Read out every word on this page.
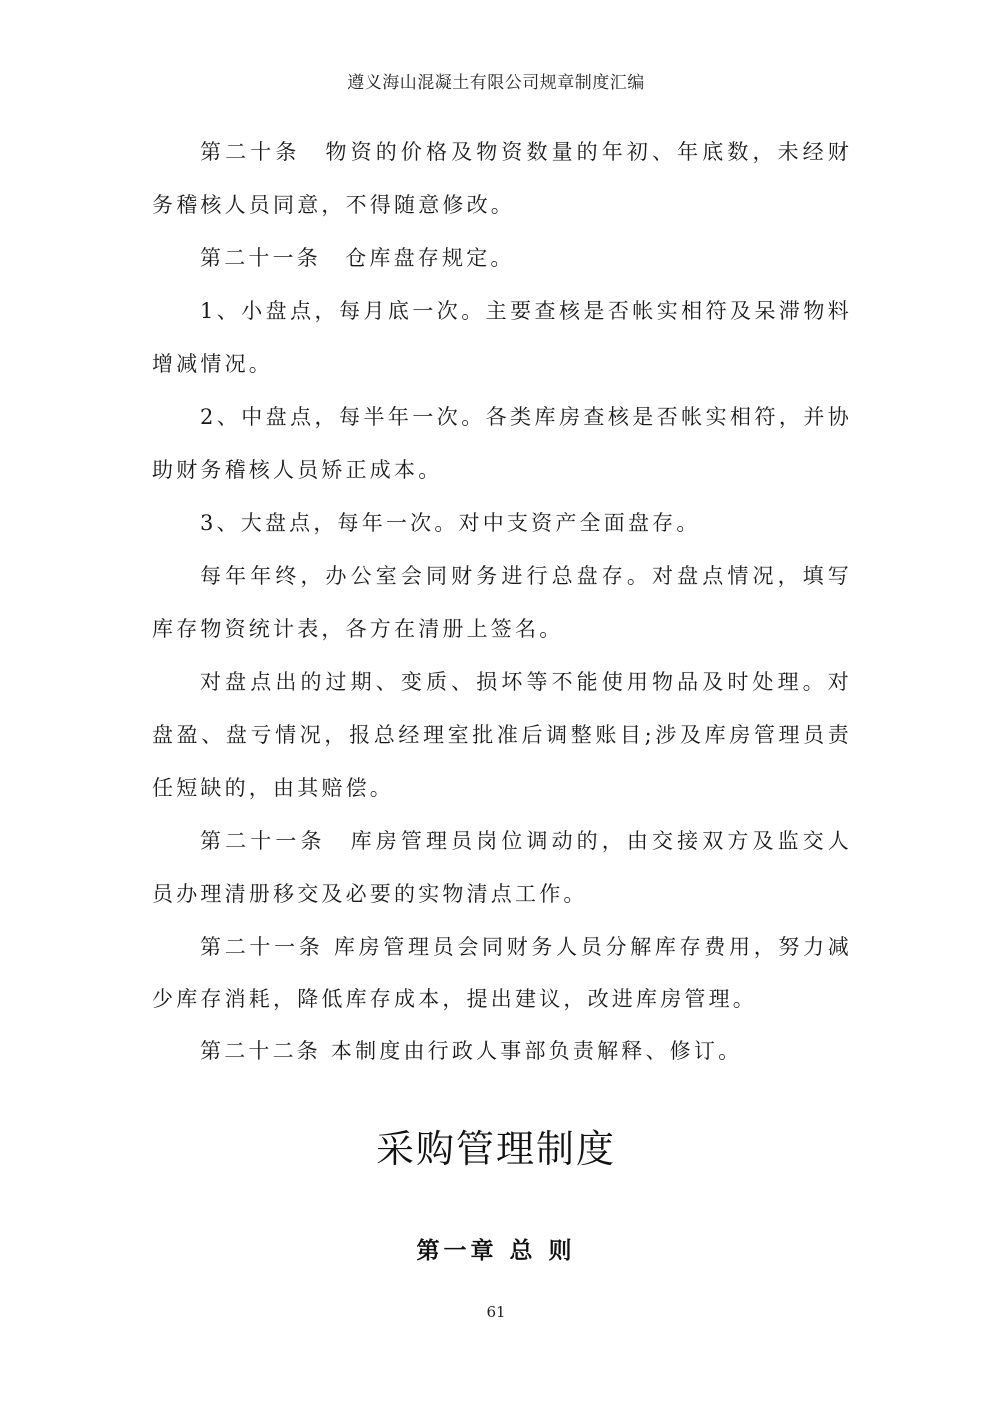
遵义海山混凝土有限公司规章制度汇编

第二十条　物资的价格及物资数量的年初、年底数，未经财务稽核人员同意，不得随意修改。

第二十一条　仓库盘存规定。

1、小盘点，每月底一次。主要查核是否帐实相符及呆滞物料增减情况。

2、中盘点，每半年一次。各类库房查核是否帐实相符，并协助财务稽核人员矫正成本。

3、大盘点，每年一次。对中支资产全面盘存。

每年年终，办公室会同财务进行总盘存。对盘点情况，填写库存物资统计表，各方在清册上签名。

对盘点出的过期、变质、损坏等不能使用物品及时处理。对盘盈、盘亏情况，报总经理室批准后调整账目;涉及库房管理员责任短缺的，由其赔偿。

第二十一条　库房管理员岗位调动的，由交接双方及监交人员办理清册移交及必要的实物清点工作。

第二十一条 库房管理员会同财务人员分解库存费用，努力减少库存消耗，降低库存成本，提出建议，改进库房管理。

第二十二条 本制度由行政人事部负责解释、修订。

采购管理制度
第一章 总 则
61
